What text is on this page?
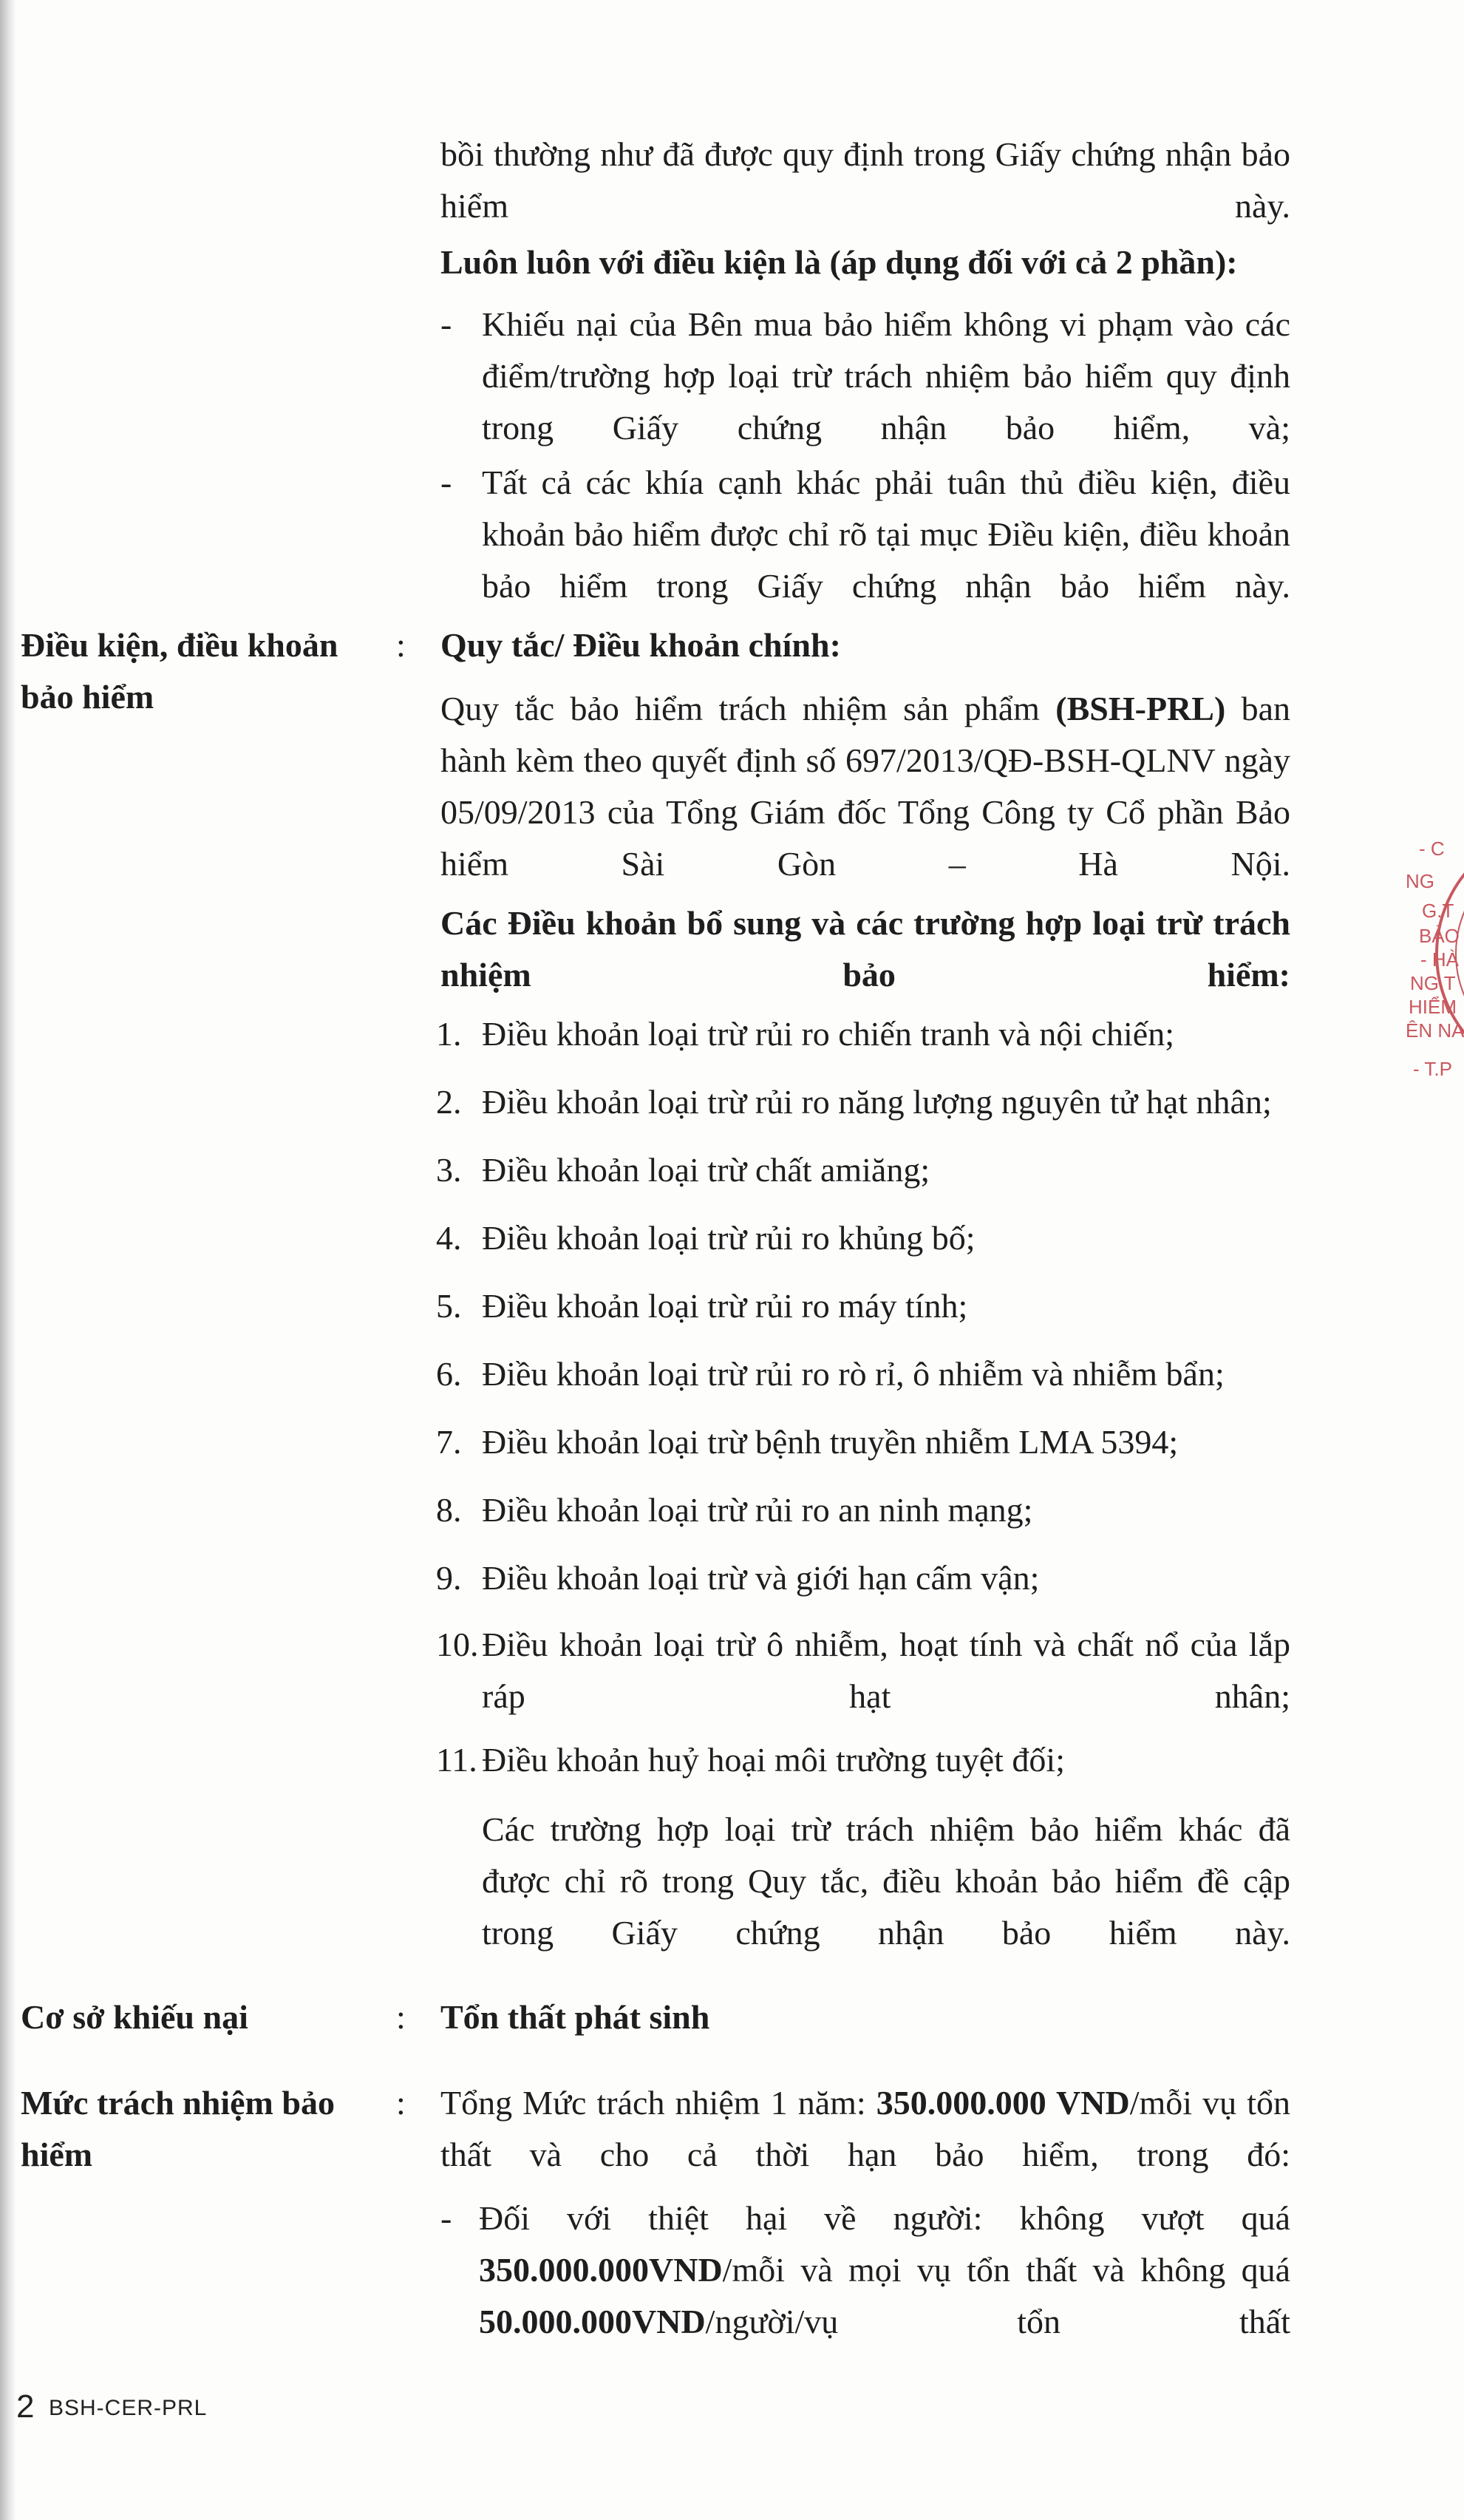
bồi thường như đã được quy định trong Giấy chứng nhận bảo hiểm này.

Luôn luôn với điều kiện là (áp dụng đối với cả 2 phần):

- Khiếu nại của Bên mua bảo hiểm không vi phạm vào các điểm/trường hợp loại trừ trách nhiệm bảo hiểm quy định trong Giấy chứng nhận bảo hiểm, và;

- Tất cả các khía cạnh khác phải tuân thủ điều kiện, điều khoản bảo hiểm được chỉ rõ tại mục Điều kiện, điều khoản bảo hiểm trong Giấy chứng nhận bảo hiểm này.

Điều kiện, điều khoản bảo hiểm
: Quy tắc/ Điều khoản chính:

Quy tắc bảo hiểm trách nhiệm sản phẩm (BSH-PRL) ban hành kèm theo quyết định số 697/2013/QĐ-BSH-QLNV ngày 05/09/2013 của Tổng Giám đốc Tổng Công ty Cổ phần Bảo hiểm Sài Gòn – Hà Nội.

Các Điều khoản bổ sung và các trường hợp loại trừ trách nhiệm bảo hiểm:

1. Điều khoản loại trừ rủi ro chiến tranh và nội chiến;

2. Điều khoản loại trừ rủi ro năng lượng nguyên tử hạt nhân;

3. Điều khoản loại trừ chất amiăng;

4. Điều khoản loại trừ rủi ro khủng bố;

5. Điều khoản loại trừ rủi ro máy tính;

6. Điều khoản loại trừ rủi ro rò rỉ, ô nhiễm và nhiễm bẩn;

7. Điều khoản loại trừ bệnh truyền nhiễm LMA 5394;

8. Điều khoản loại trừ rủi ro an ninh mạng;

9. Điều khoản loại trừ và giới hạn cấm vận;

10. Điều khoản loại trừ ô nhiễm, hoạt tính và chất nổ của lắp ráp hạt nhân;

11. Điều khoản huỷ hoại môi trường tuyệt đối;

Các trường hợp loại trừ trách nhiệm bảo hiểm khác đã được chỉ rõ trong Quy tắc, điều khoản bảo hiểm đề cập trong Giấy chứng nhận bảo hiểm này.

Cơ sở khiếu nại	: Tổn thất phát sinh

Mức trách nhiệm bảo hiểm
: Tổng Mức trách nhiệm 1 năm: 350.000.000 VND/mỗi vụ tổn thất và cho cả thời hạn bảo hiểm, trong đó:

- Đối với thiệt hại về người: không vượt quá 350.000.000VND/mỗi và mọi vụ tổn thất và không quá 50.000.000VND/người/vụ tổn thất

2 BSH-CER-PRL
- C
NG
G.T
BẢO
- HÀ
NG T
HIỂM
ÊN NA
- T.P
